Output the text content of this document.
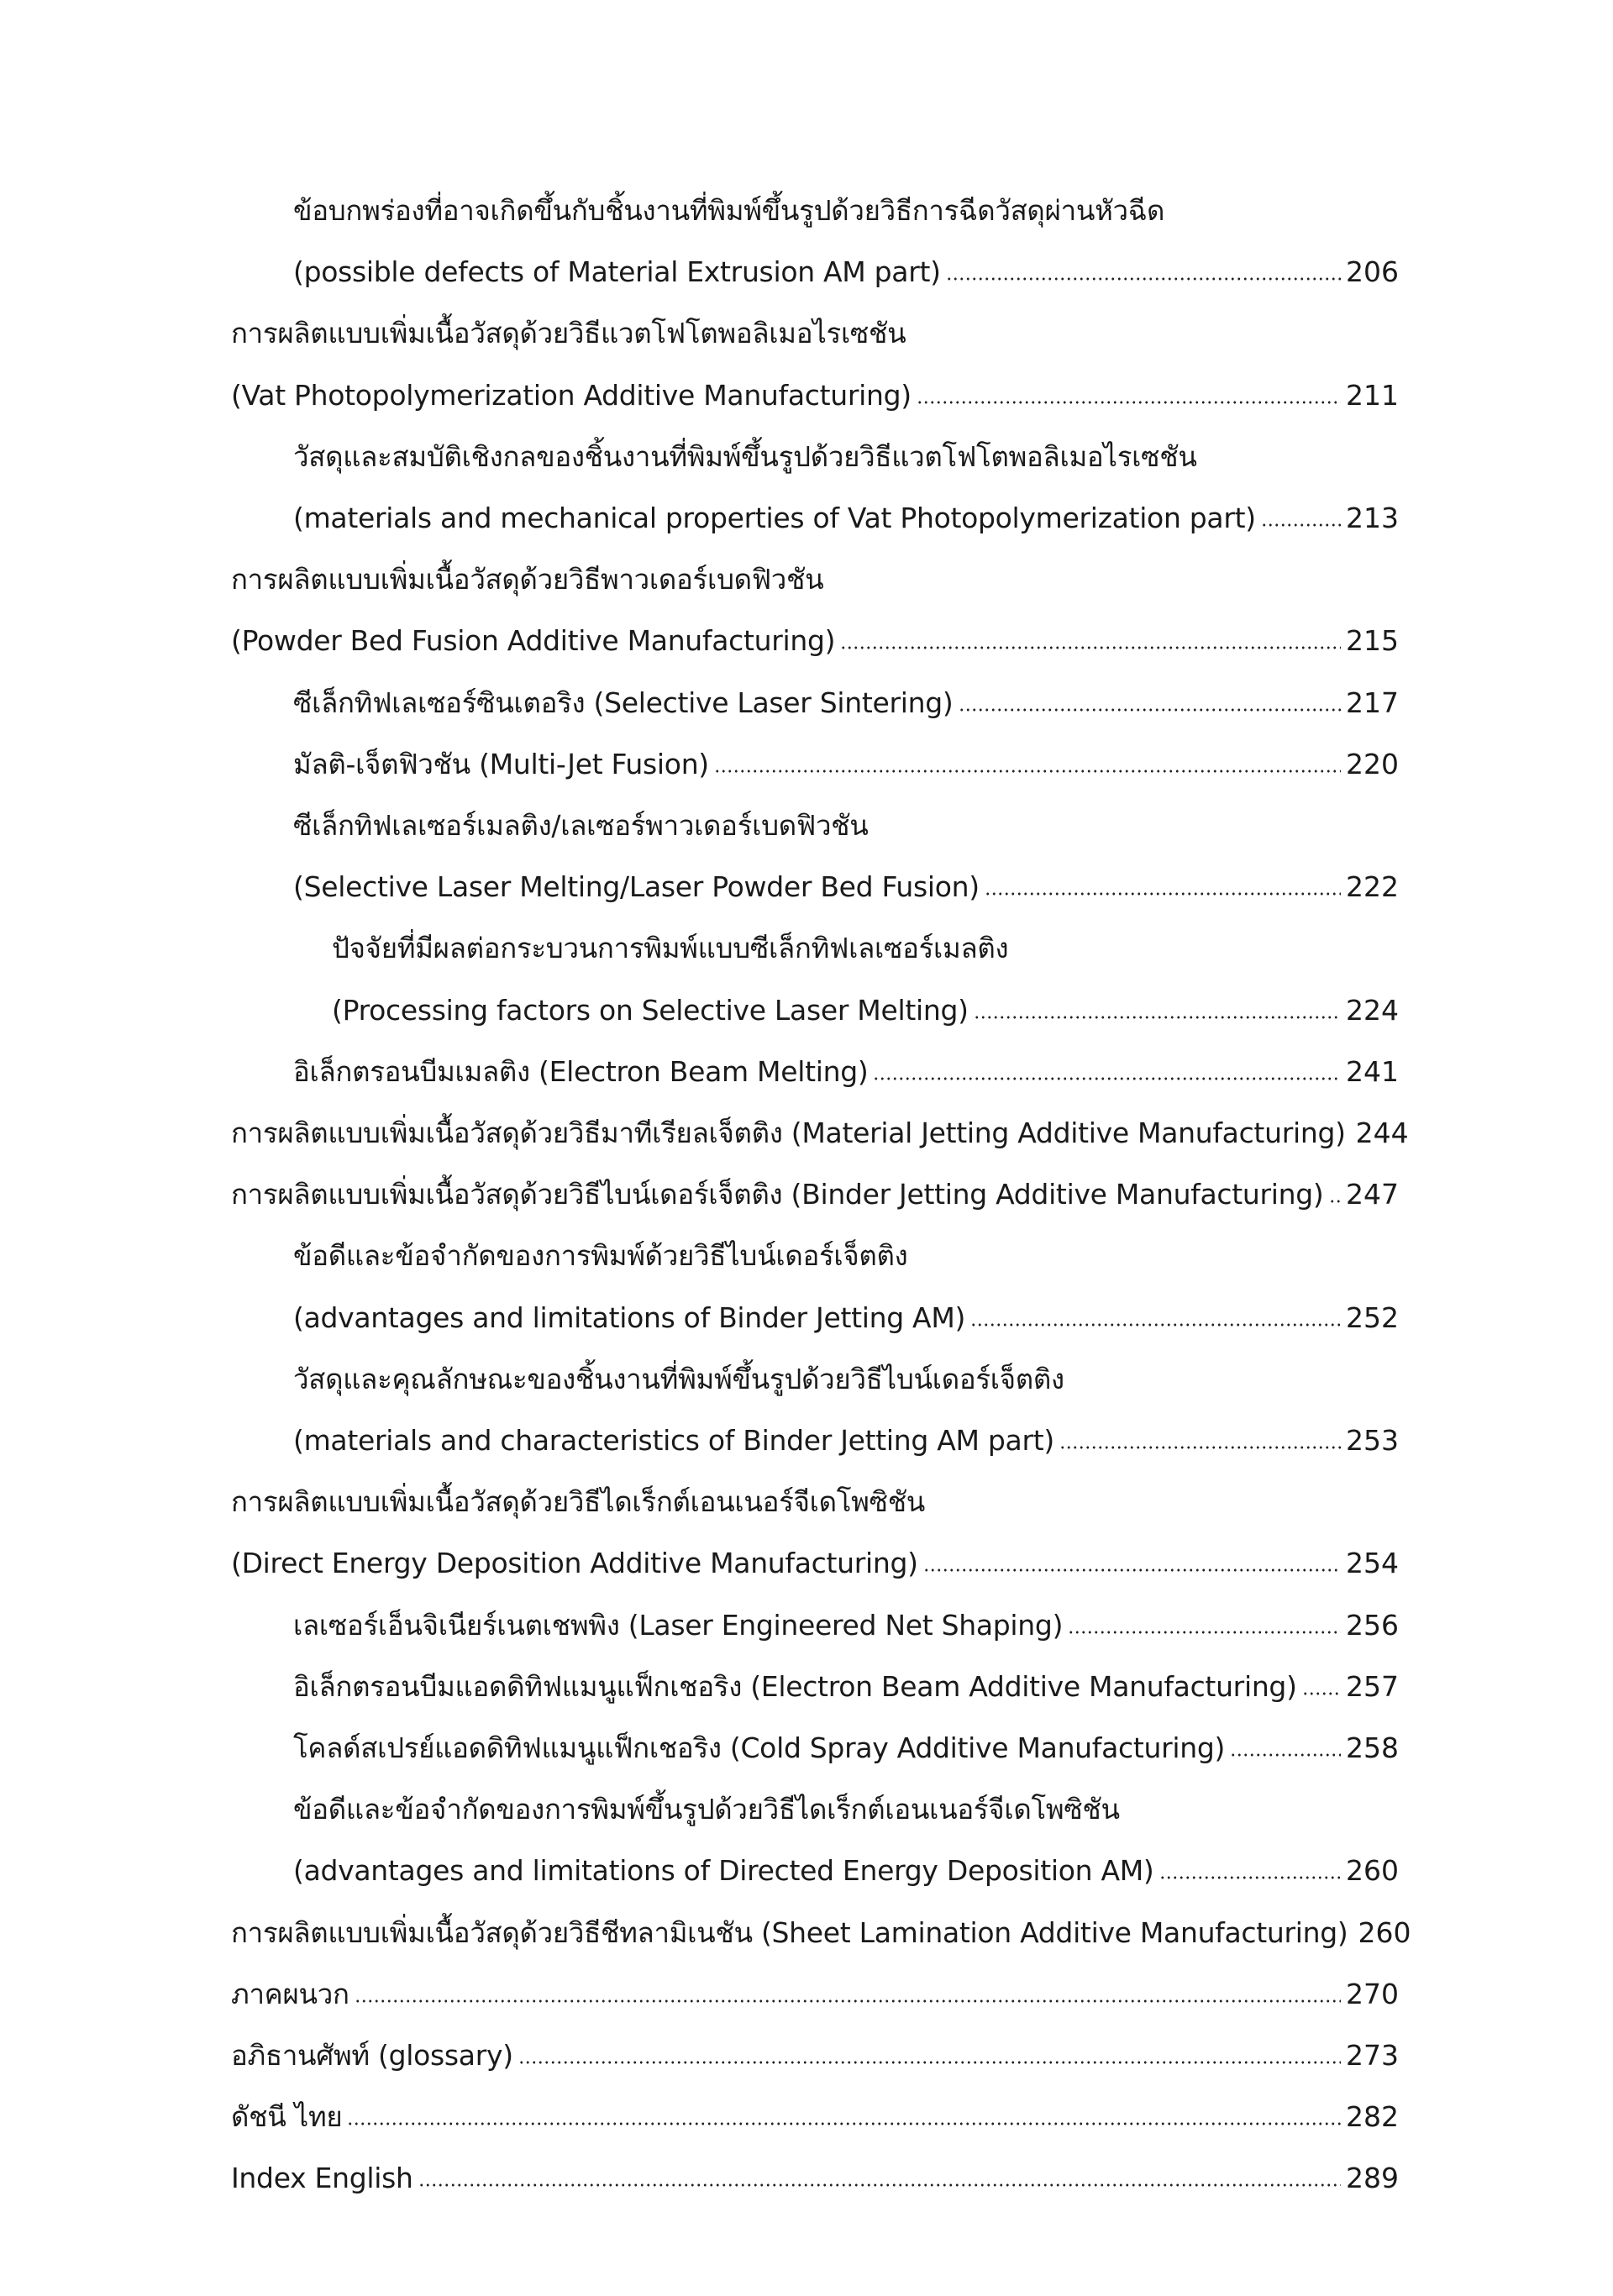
ข้อบกพร่องที่อาจเกิดขึ้นกับชิ้นงานที่พิมพ์ขึ้นรูปด้วยวิธีการฉีดวัสดุผ่านหัวฉีด
(possible defects of Material Extrusion AM part)	206
การผลิตแบบเพิ่มเนื้อวัสดุด้วยวิธีแวตโฟโตพอลิเมอไรเซชัน
(Vat Photopolymerization Additive Manufacturing)	211
วัสดุและสมบัติเชิงกลของชิ้นงานที่พิมพ์ขึ้นรูปด้วยวิธีแวตโฟโตพอลิเมอไรเซชัน
(materials and mechanical properties of Vat Photopolymerization part)	213
การผลิตแบบเพิ่มเนื้อวัสดุด้วยวิธีพาวเดอร์เบดฟิวชัน
(Powder Bed Fusion Additive Manufacturing)	215
ซีเล็กทิฟเลเซอร์ซินเตอริง (Selective Laser Sintering)	217
มัลติ-เจ็ตฟิวชัน (Multi-Jet Fusion)	220
ซีเล็กทิฟเลเซอร์เมลติง/เลเซอร์พาวเดอร์เบดฟิวชัน
(Selective Laser Melting/Laser Powder Bed Fusion)	222
ปัจจัยที่มีผลต่อกระบวนการพิมพ์แบบซีเล็กทิฟเลเซอร์เมลติง
(Processing factors on Selective Laser Melting)	224
อิเล็กตรอนบีมเมลติง (Electron Beam Melting)	241
การผลิตแบบเพิ่มเนื้อวัสดุด้วยวิธีมาทีเรียลเจ็ตติง (Material Jetting Additive Manufacturing) 244
การผลิตแบบเพิ่มเนื้อวัสดุด้วยวิธีไบน์เดอร์เจ็ตติง (Binder Jetting Additive Manufacturing) 247
ข้อดีและข้อจำกัดของการพิมพ์ด้วยวิธีไบน์เดอร์เจ็ตติง
(advantages and limitations of Binder Jetting AM)	252
วัสดุและคุณลักษณะของชิ้นงานที่พิมพ์ขึ้นรูปด้วยวิธีไบน์เดอร์เจ็ตติง
(materials and characteristics of Binder Jetting AM part)	253
การผลิตแบบเพิ่มเนื้อวัสดุด้วยวิธีไดเร็กต์เอนเนอร์จีเดโพซิชัน
(Direct Energy Deposition Additive Manufacturing)	254
เลเซอร์เอ็นจิเนียร์เนตเชพพิง (Laser Engineered Net Shaping)	256
อิเล็กตรอนบีมแอดดิทิฟแมนูแฟ็กเชอริง (Electron Beam Additive Manufacturing) 257
โคลด์สเปรย์แอดดิทิฟแมนูแฟ็กเชอริง (Cold Spray Additive Manufacturing)	258
ข้อดีและข้อจำกัดของการพิมพ์ขึ้นรูปด้วยวิธีไดเร็กต์เอนเนอร์จีเดโพซิชัน
(advantages and limitations of Directed Energy Deposition AM)	260
การผลิตแบบเพิ่มเนื้อวัสดุด้วยวิธีชีทลามิเนชัน (Sheet Lamination Additive Manufacturing) 260
ภาคผนวก	270
อภิธานศัพท์ (glossary)	273
ดัชนี ไทย	282
Index English	289
